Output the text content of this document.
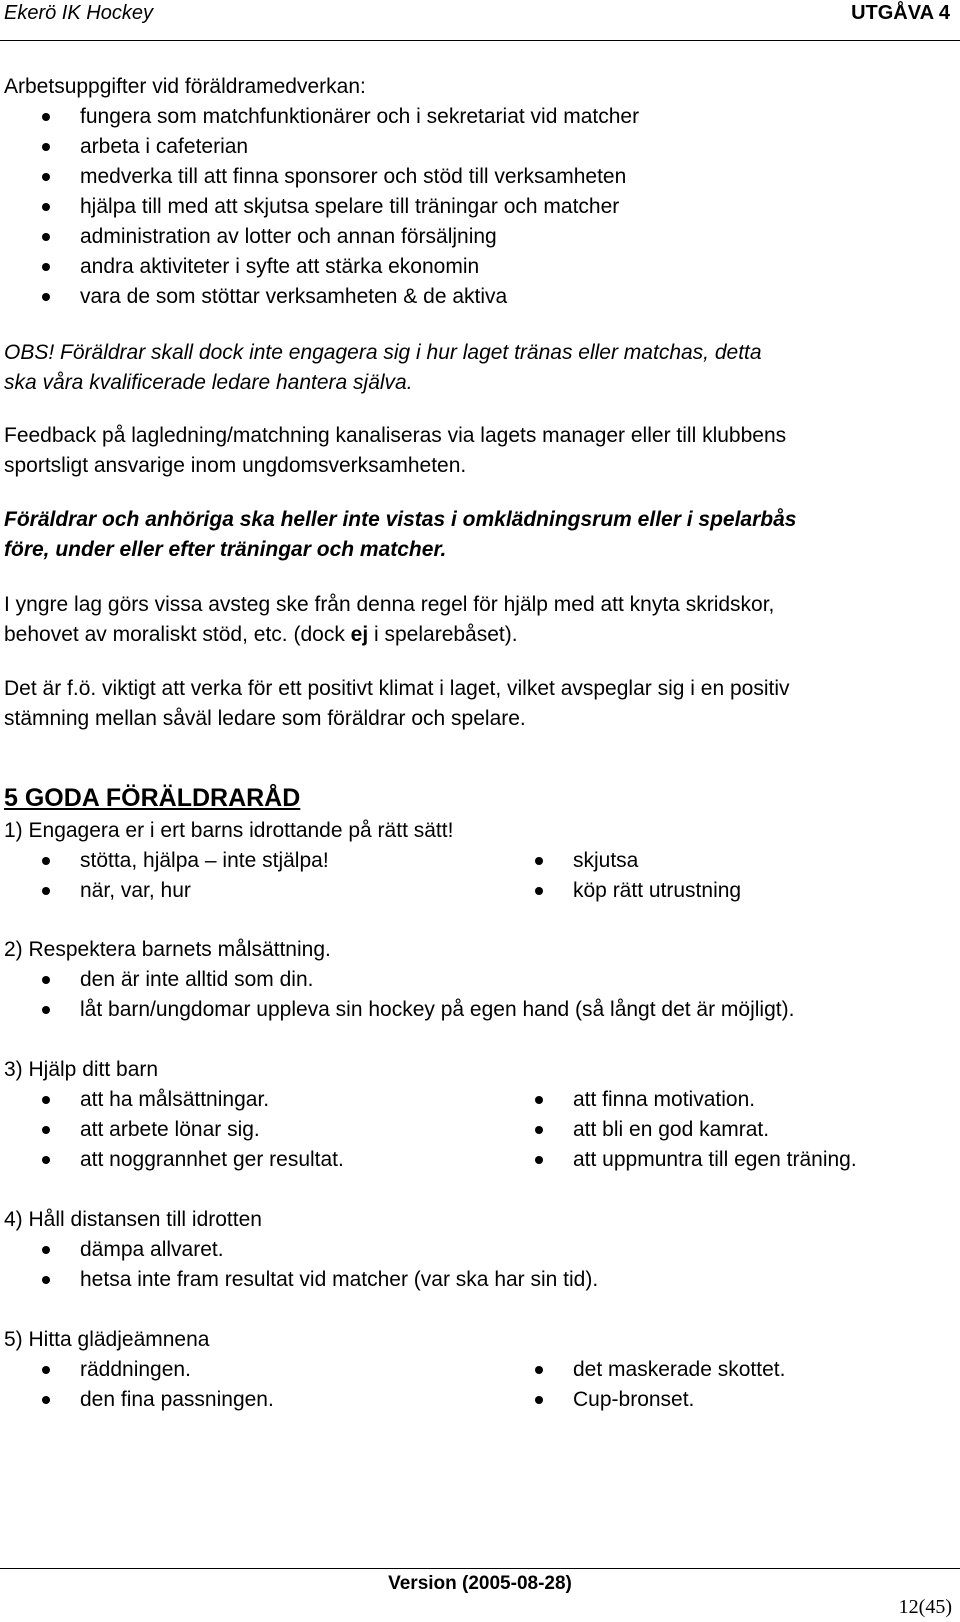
Ekerö IK Hockey	UTGÅVA 4
Arbetsuppgifter vid föräldramedverkan:
fungera som matchfunktionärer och i sekretariat vid matcher
arbeta i cafeterian
medverka till att finna sponsorer och stöd till verksamheten
hjälpa till med att skjutsa spelare till träningar och matcher
administration av lotter och annan försäljning
andra aktiviteter i syfte att stärka ekonomin
vara de som stöttar verksamheten & de aktiva
OBS! Föräldrar skall dock inte engagera sig i hur laget tränas eller matchas, detta
ska våra kvalificerade ledare hantera själva.
Feedback på lagledning/matchning kanaliseras via lagets manager eller till klubbens
sportsligt ansvarige inom ungdomsverksamheten.
Föräldrar och anhöriga ska heller inte vistas i omklädningsrum eller i spelarbås
före, under eller efter träningar och matcher.
I yngre lag görs vissa avsteg ske från denna regel för hjälp med att knyta skridskor,
behovet av moraliskt stöd, etc. (dock ej i spelarebåset).
Det är f.ö. viktigt att verka för ett positivt klimat i laget, vilket avspeglar sig i en positiv
stämning mellan såväl ledare som föräldrar och spelare.
5 GODA FÖRÄLDRARÅD
1) Engagera er i ert barns idrottande på rätt sätt!
stötta, hjälpa – inte stjälpa!
när, var, hur
skjutsa
köp rätt utrustning
2) Respektera barnets målsättning.
den är inte alltid som din.
låt barn/ungdomar uppleva sin hockey på egen hand (så långt det är möjligt).
3) Hjälp ditt barn
att ha målsättningar.
att arbete lönar sig.
att noggrannhet ger resultat.
att finna motivation.
att bli en god kamrat.
att uppmuntra till egen träning.
4) Håll distansen till idrotten
dämpa allvaret.
hetsa inte fram resultat vid matcher (var ska har sin tid).
5) Hitta glädjeämnena
räddningen.
den fina passningen.
det maskerade skottet.
Cup-bronset.
Version (2005-08-28)
12(45)
